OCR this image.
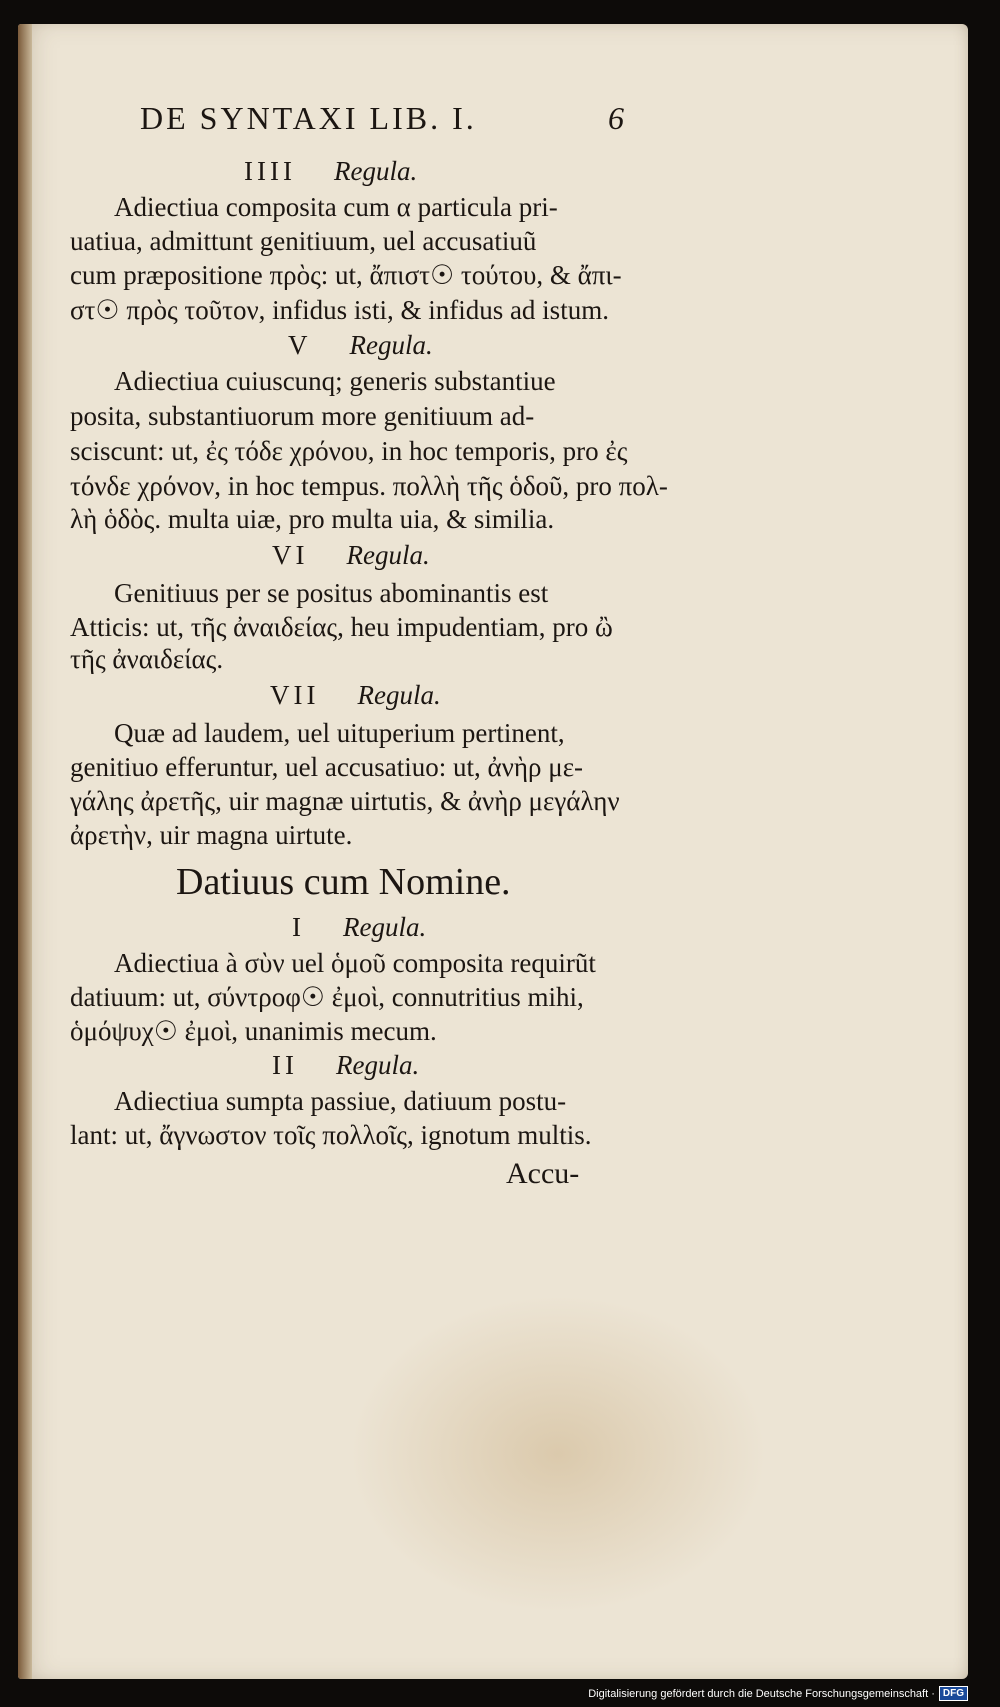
DE SYNTAXI LIB. I.	6
IIII Regula.
Adiectiua composita cum α particula pri-
uatiua, admittunt genitiuum, uel accusatiuũ
cum præpositione πρὸς: ut, ἄπιστ☉ τούτου, & ἄπι-
στ☉ πρὸς τοῦτον, infidus isti, & infidus ad istum.
V Regula.
Adiectiua cuiuscunq; generis substantiue
posita, substantiuorum more genitiuum ad-
sciscunt: ut, ἐς τόδε χρόνου, in hoc temporis, pro ἐς
τόνδε χρόνον, in hoc tempus. πολλὴ τῆς ὁδοῦ, pro πολ-
λὴ ὁδὸς. multa uiæ, pro multa uia, & similia.
VI Regula.
Genitiuus per se positus abominantis est
Atticis: ut, τῆς ἀναιδείας, heu impudentiam, pro ὢ
τῆς ἀναιδείας.
VII Regula.
Quæ ad laudem, uel uituperium pertinent,
genitiuo efferuntur, uel accusatiuo: ut, ἀνὴρ με-
γάλης ἀρετῆς, uir magnæ uirtutis, & ἀνὴρ μεγάλην
ἀρετὴν, uir magna uirtute.
Datiuus cum Nomine.
I Regula.
Adiectiua à σὺν uel ὁμοῦ composita requirũt
datiuum: ut, σύντροφ☉ ἐμοὶ, connutritius mihi,
ὁμόψυχ☉ ἐμοὶ, unanimis mecum.
II Regula.
Adiectiua sumpta passiue, datiuum postu-
lant: ut, ἄγνωστον τοῖς πολλοῖς, ignotum multis.
Accu-
Digitalisierung gefördert durch die Deutsche Forschungsgemeinschaft · DFG
